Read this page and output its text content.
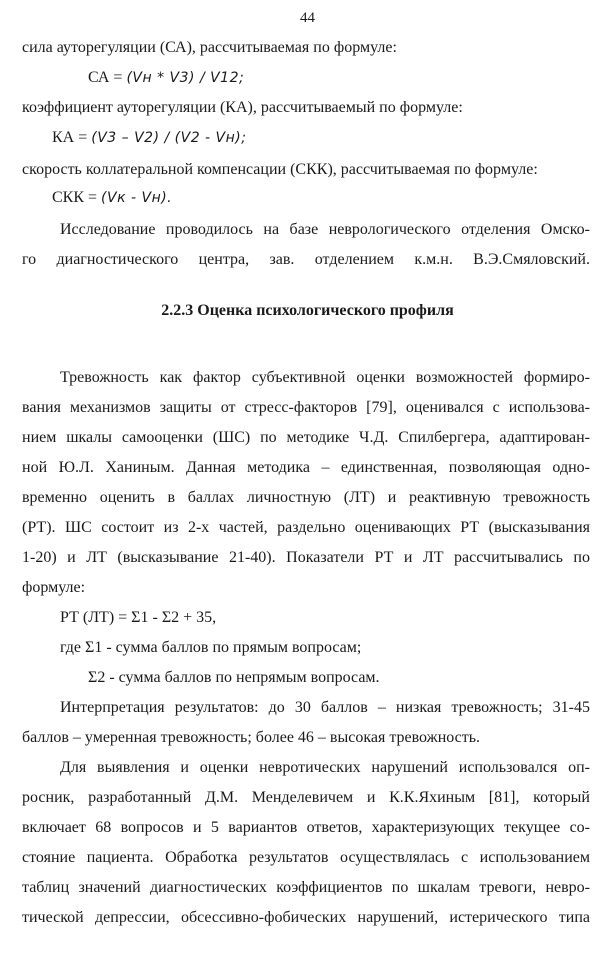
44
сила ауторегуляции (СА), рассчитываемая по формуле:
СА = (Vн * V3) / V12;
коэффициент ауторегуляции (КА), рассчитываемый по формуле:
КА = (V3 – V2) / (V2 - Vн);
скорость коллатеральной компенсации (СКК), рассчитываемая по формуле:
СКК = (Vк - Vн).
Исследование проводилось на базе неврологического отделения Омско-
го диагностического центра, зав. отделением к.м.н. В.Э.Смяловский.
2.2.3 Оценка психологического профиля
Тревожность как фактор субъективной оценки возможностей формиро-
вания механизмов защиты от стресс-факторов [79], оценивался с использова-
нием шкалы самооценки (ШС) по методике Ч.Д. Спилбергера, адаптирован-
ной Ю.Л. Ханиным. Данная методика – единственная, позволяющая одно-
временно оценить в баллах личностную (ЛТ) и реактивную тревожность
(РТ). ШС состоит из 2-х частей, раздельно оценивающих РТ (высказывания
1-20) и ЛТ (высказывание 21-40). Показатели РТ и ЛТ рассчитывались по
формуле:
РТ (ЛТ) = Σ1 - Σ2 + 35,
где Σ1 - сумма баллов по прямым вопросам;
Σ2 - сумма баллов по непрямым вопросам.
Интерпретация результатов: до 30 баллов – низкая тревожность; 31-45
баллов – умеренная тревожность; более 46 – высокая тревожность.
Для выявления и оценки невротических нарушений использовался оп-
росник, разработанный Д.М. Менделевичем и К.К.Яхиным [81], который
включает 68 вопросов и 5 вариантов ответов, характеризующих текущее со-
стояние пациента. Обработка результатов осуществлялась с использованием
таблиц значений диагностических коэффициентов по шкалам тревоги, невро-
тической депрессии, обсессивно-фобических нарушений, истерического типа
